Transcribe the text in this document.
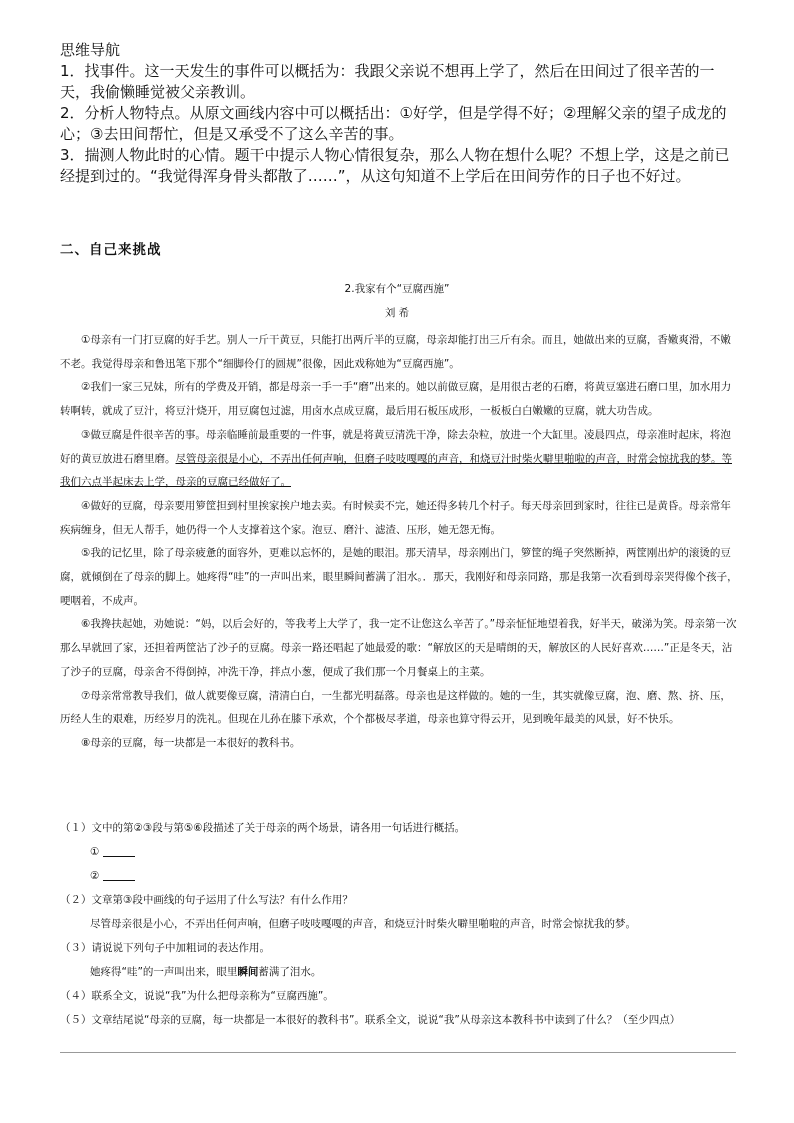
思维导航

1．找事件。这一天发生的事件可以概括为：我跟父亲说不想再上学了，然后在田间过了很辛苦的一天，我偷懒睡觉被父亲教训。

2．分析人物特点。从原文画线内容中可以概括出：①好学，但是学得不好；②理解父亲的望子成龙的心；③去田间帮忙，但是又承受不了这么辛苦的事。

3．揣测人物此时的心情。题干中提示人物心情很复杂，那么人物在想什么呢？不想上学，这是之前已经提到过的。“我觉得浑身骨头都散了……”，从这句知道不上学后在田间劳作的日子也不好过。

二、自己来挑战
2.我家有个“豆腐西施”
刘 希

①母亲有一门打豆腐的好手艺。别人一斤干黄豆，只能打出两斤半的豆腐，母亲却能打出三斤有余。而且，她做出来的豆腐，香嫩爽滑，不嫩不老。我觉得母亲和鲁迅笔下那个“细脚伶仃的圆规”很像，因此戏称她为“豆腐西施”。

②我们一家三兄妹，所有的学费及开销，都是母亲一手一手“磨”出来的。她以前做豆腐，是用很古老的石磨，将黄豆塞进石磨口里，加水用力转啊转，就成了豆汁，将豆汁烧开，用豆腐包过滤，用卤水点成豆腐，最后用石板压成形，一板板白白嫩嫩的豆腐，就大功告成。

③做豆腐是件很辛苦的事。母亲临睡前最重要的一件事，就是将黄豆清洗干净，除去杂粒，放进一个大缸里。凌晨四点，母亲准时起床，将泡好的黄豆放进石磨里磨。尽管母亲很是小心，不弄出任何声响，但磨子吱吱嘎嘎的声音，和烧豆汁时柴火噼里啪啦的声音，时常会惊扰我的梦。等我们六点半起床去上学，母亲的豆腐已经做好了。

④做好的豆腐，母亲要用箩筐担到村里挨家挨户地去卖。有时候卖不完，她还得多转几个村子。每天母亲回到家时，往往已是黄昏。母亲常年疾病缠身，但无人帮手，她仍得一个人支撑着这个家。泡豆、磨汁、滤渣、压形，她无怨无悔。

⑤我的记忆里，除了母亲疲惫的面容外，更难以忘怀的，是她的眼泪。那天清早，母亲刚出门，箩筐的绳子突然断掉，两筐刚出炉的滚烫的豆腐，就倾倒在了母亲的脚上。她疼得“哇”的一声叫出来，眼里瞬间蓄满了泪水。．那天，我刚好和母亲同路，那是我第一次看到母亲哭得像个孩子，哽咽着，不成声。

⑥我搀扶起她，劝她说：“妈，以后会好的，等我考上大学了，我一定不让您这么辛苦了。”母亲怔怔地望着我，好半天，破涕为笑。母亲第一次那么早就回了家，还担着两筐沾了沙子的豆腐。母亲一路还唱起了她最爱的歌：“解放区的天是晴朗的天，解放区的人民好喜欢……”正是冬天，沾了沙子的豆腐，母亲舍不得倒掉，冲洗干净，拌点小葱，便成了我们那一个月餐桌上的主菜。

⑦母亲常常教导我们，做人就要像豆腐，清清白白，一生都光明磊落。母亲也是这样做的。她的一生，其实就像豆腐，泡、磨、熬、挤、压，历经人生的艰难，历经岁月的洗礼。但现在儿孙在膝下承欢，个个都极尽孝道，母亲也算守得云开，见到晚年最美的风景，好不快乐。

⑧母亲的豆腐，每一块都是一本很好的教科书。

（１）文中的第②③段与第⑤⑥段描述了关于母亲的两个场景，请各用一句话进行概括。

①

②

（２）文章第③段中画线的句子运用了什么写法？有什么作用？

尽管母亲很是小心，不弄出任何声响，但磨子吱吱嘎嘎的声音，和烧豆汁时柴火噼里啪啦的声音，时常会惊扰我的梦。

（３）请说说下列句子中加粗词的表达作用。

她疼得“哇”的一声叫出来，眼里瞬间蓄满了泪水。

（４）联系全文，说说“我”为什么把母亲称为“豆腐西施”。

（５）文章结尾说“母亲的豆腐，每一块都是一本很好的教科书”。联系全文，说说“我”从母亲这本教科书中读到了什么？（至少四点）
